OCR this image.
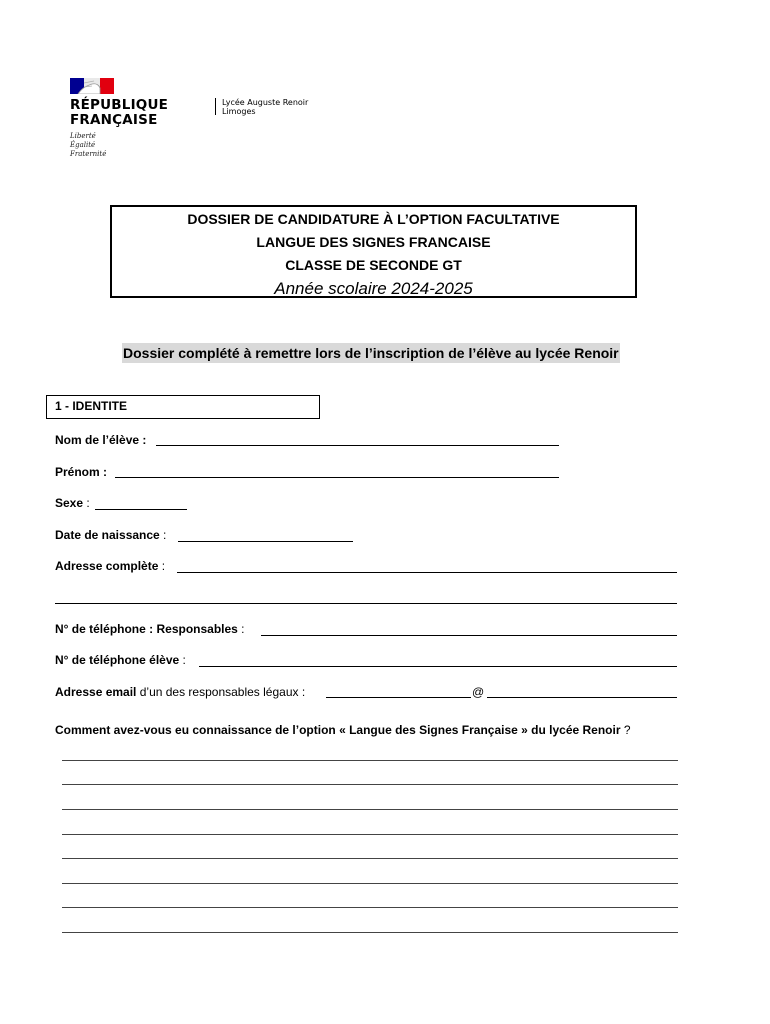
RÉPUBLIQUE
FRANÇAISE
Liberté
Égalité
Fraternité
Lycée Auguste Renoir
Limoges
DOSSIER DE CANDIDATURE À L’OPTION FACULTATIVE
LANGUE DES SIGNES FRANCAISE
CLASSE DE SECONDE GT
Année scolaire 2024-2025
Dossier complété à remettre lors de l’inscription de l’élève au lycée Renoir
1 - IDENTITE
Nom de l’élève :
Prénom :
Sexe :
Date de naissance :
Adresse complète :
N° de téléphone : Responsables :
N° de téléphone élève :
Adresse email d’un des responsables légaux :	@
Comment avez-vous eu connaissance de l’option « Langue des Signes Française » du lycée Renoir ?
